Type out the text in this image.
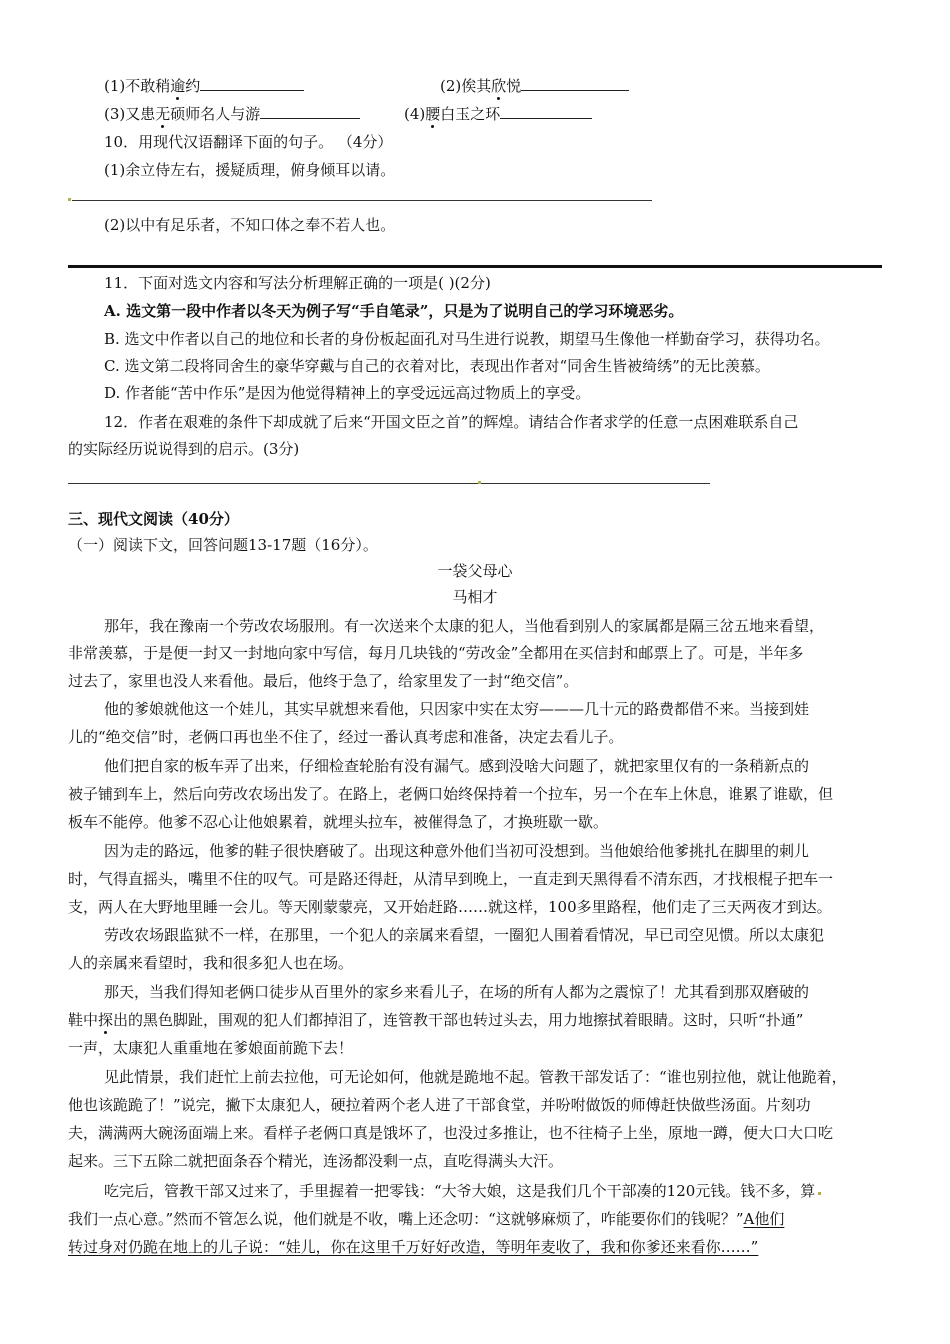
(1)不敢稍逾约	(2)俟其欣悦
(3)又患无硕师名人与游	(4)腰白玉之环
10．用现代汉语翻译下面的句子。 （4分）
(1)余立侍左右，援疑质理，俯身倾耳以请。
(2)以中有足乐者，不知口体之奉不若人也。
11．下面对选文内容和写法分析理解正确的一项是( )(2分)
A. 选文第一段中作者以冬天为例子写“手自笔录”，只是为了说明自己的学习环境恶劣。
B. 选文中作者以自己的地位和长者的身份板起面孔对马生进行说教，期望马生像他一样勤奋学习，获得功名。
C. 选文第二段将同舍生的豪华穿戴与自己的衣着对比，表现出作者对“同舍生皆被绮绣”的无比羡慕。
D. 作者能“苦中作乐”是因为他觉得精神上的享受远远高过物质上的享受。
12．作者在艰难的条件下却成就了后来“开国文臣之首”的辉煌。请结合作者求学的任意一点困难联系自己
的实际经历说说得到的启示。(3分)
三、现代文阅读（40分）
（一）阅读下文，回答问题13-17题（16分）。
一袋父母心
马相才
那年，我在豫南一个劳改农场服刑。有一次送来个太康的犯人，当他看到别人的家属都是隔三岔五地来看望，
非常羡慕，于是便一封又一封地向家中写信，每月几块钱的“劳改金”全都用在买信封和邮票上了。可是，半年多
过去了，家里也没人来看他。最后，他终于急了，给家里发了一封“绝交信”。
他的爹娘就他这一个娃儿，其实早就想来看他，只因家中实在太穷———几十元的路费都借不来。当接到娃
儿的“绝交信”时，老俩口再也坐不住了，经过一番认真考虑和准备，决定去看儿子。
他们把自家的板车弄了出来，仔细检查轮胎有没有漏气。感到没啥大问题了，就把家里仅有的一条稍新点的
被子铺到车上，然后向劳改农场出发了。在路上，老俩口始终保持着一个拉车，另一个在车上休息，谁累了谁歇，但
板车不能停。他爹不忍心让他娘累着，就埋头拉车，被催得急了，才换班歇一歇。
因为走的路远，他爹的鞋子很快磨破了。出现这种意外他们当初可没想到。当他娘给他爹挑扎在脚里的刺儿
时，气得直摇头，嘴里不住的叹气。可是路还得赶，从清早到晚上，一直走到天黑得看不清东西，才找根棍子把车一
支，两人在大野地里睡一会儿。等天刚蒙蒙亮，又开始赶路……就这样，100多里路程，他们走了三天两夜才到达。
劳改农场跟监狱不一样，在那里，一个犯人的亲属来看望，一圈犯人围着看情况，早已司空见惯。所以太康犯
人的亲属来看望时，我和很多犯人也在场。
那天，当我们得知老俩口徒步从百里外的家乡来看儿子，在场的所有人都为之震惊了！尤其看到那双磨破的
鞋中探出的黑色脚趾，围观的犯人们都掉泪了，连管教干部也转过头去，用力地擦拭着眼睛。这时，只听“扑通”
一声，太康犯人重重地在爹娘面前跪下去！
见此情景，我们赶忙上前去拉他，可无论如何，他就是跪地不起。管教干部发话了：“谁也别拉他，就让他跪着，
他也该跪跪了！”说完，撇下太康犯人，硬拉着两个老人进了干部食堂，并吩咐做饭的师傅赶快做些汤面。片刻功
夫，满满两大碗汤面端上来。看样子老俩口真是饿坏了，也没过多推让，也不往椅子上坐，原地一蹲，便大口大口吃
起来。三下五除二就把面条吞个精光，连汤都没剩一点，直吃得满头大汗。
吃完后，管教干部又过来了，手里握着一把零钱：“大爷大娘，这是我们几个干部凑的120元钱。钱不多，算
我们一点心意。”然而不管怎么说，他们就是不收，嘴上还念叨：“这就够麻烦了，咋能要你们的钱呢？”A他们
转过身对仍跪在地上的儿子说：“娃儿，你在这里千万好好改造，等明年麦收了，我和你爹还来看你……”
